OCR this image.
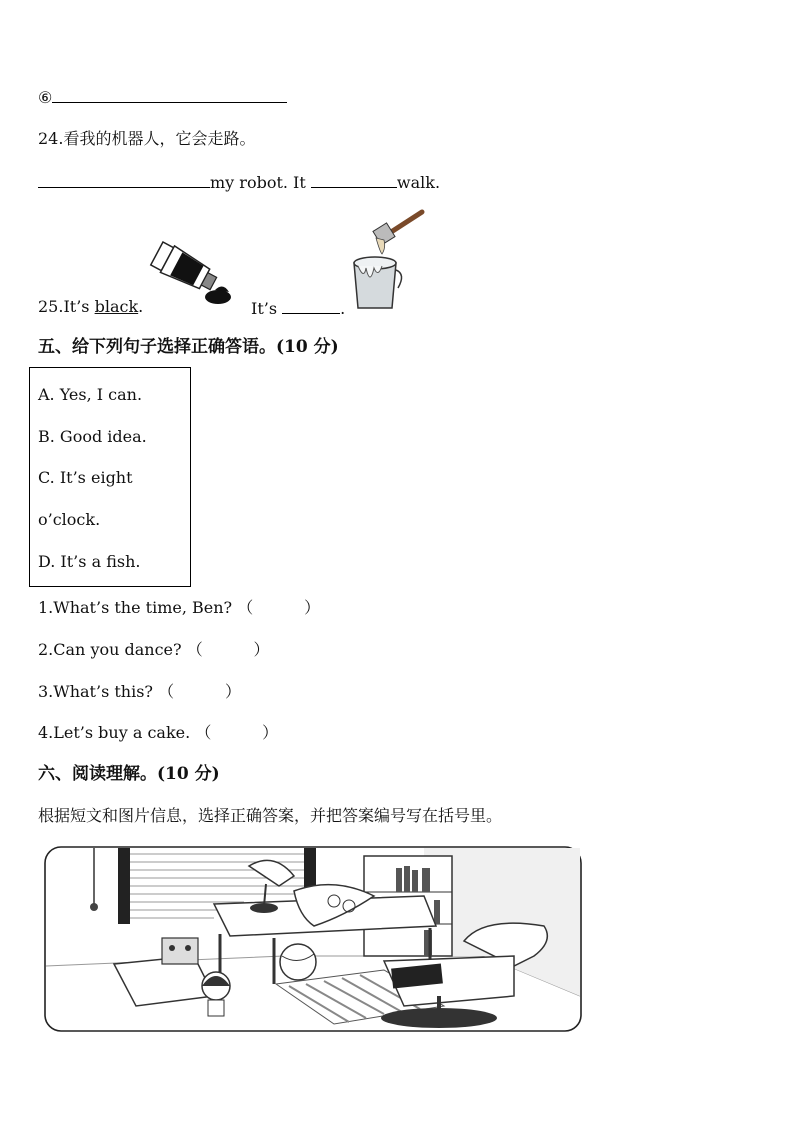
⑥
24.看我的机器人，它会走路。
my robot. It	walk.
25.It’s black.	It’s	.
五、给下列句子选择正确答语。(10 分)
A. Yes, I can.
B. Good idea.
C. It’s eight
o’clock.
D. It’s a fish.
1.What’s the time, Ben? （          ）
2.Can you dance? （          ）
3.What’s this? （          ）
4.Let’s buy a cake. （          ）
六、阅读理解。(10 分)
根据短文和图片信息，选择正确答案，并把答案编号写在括号里。
